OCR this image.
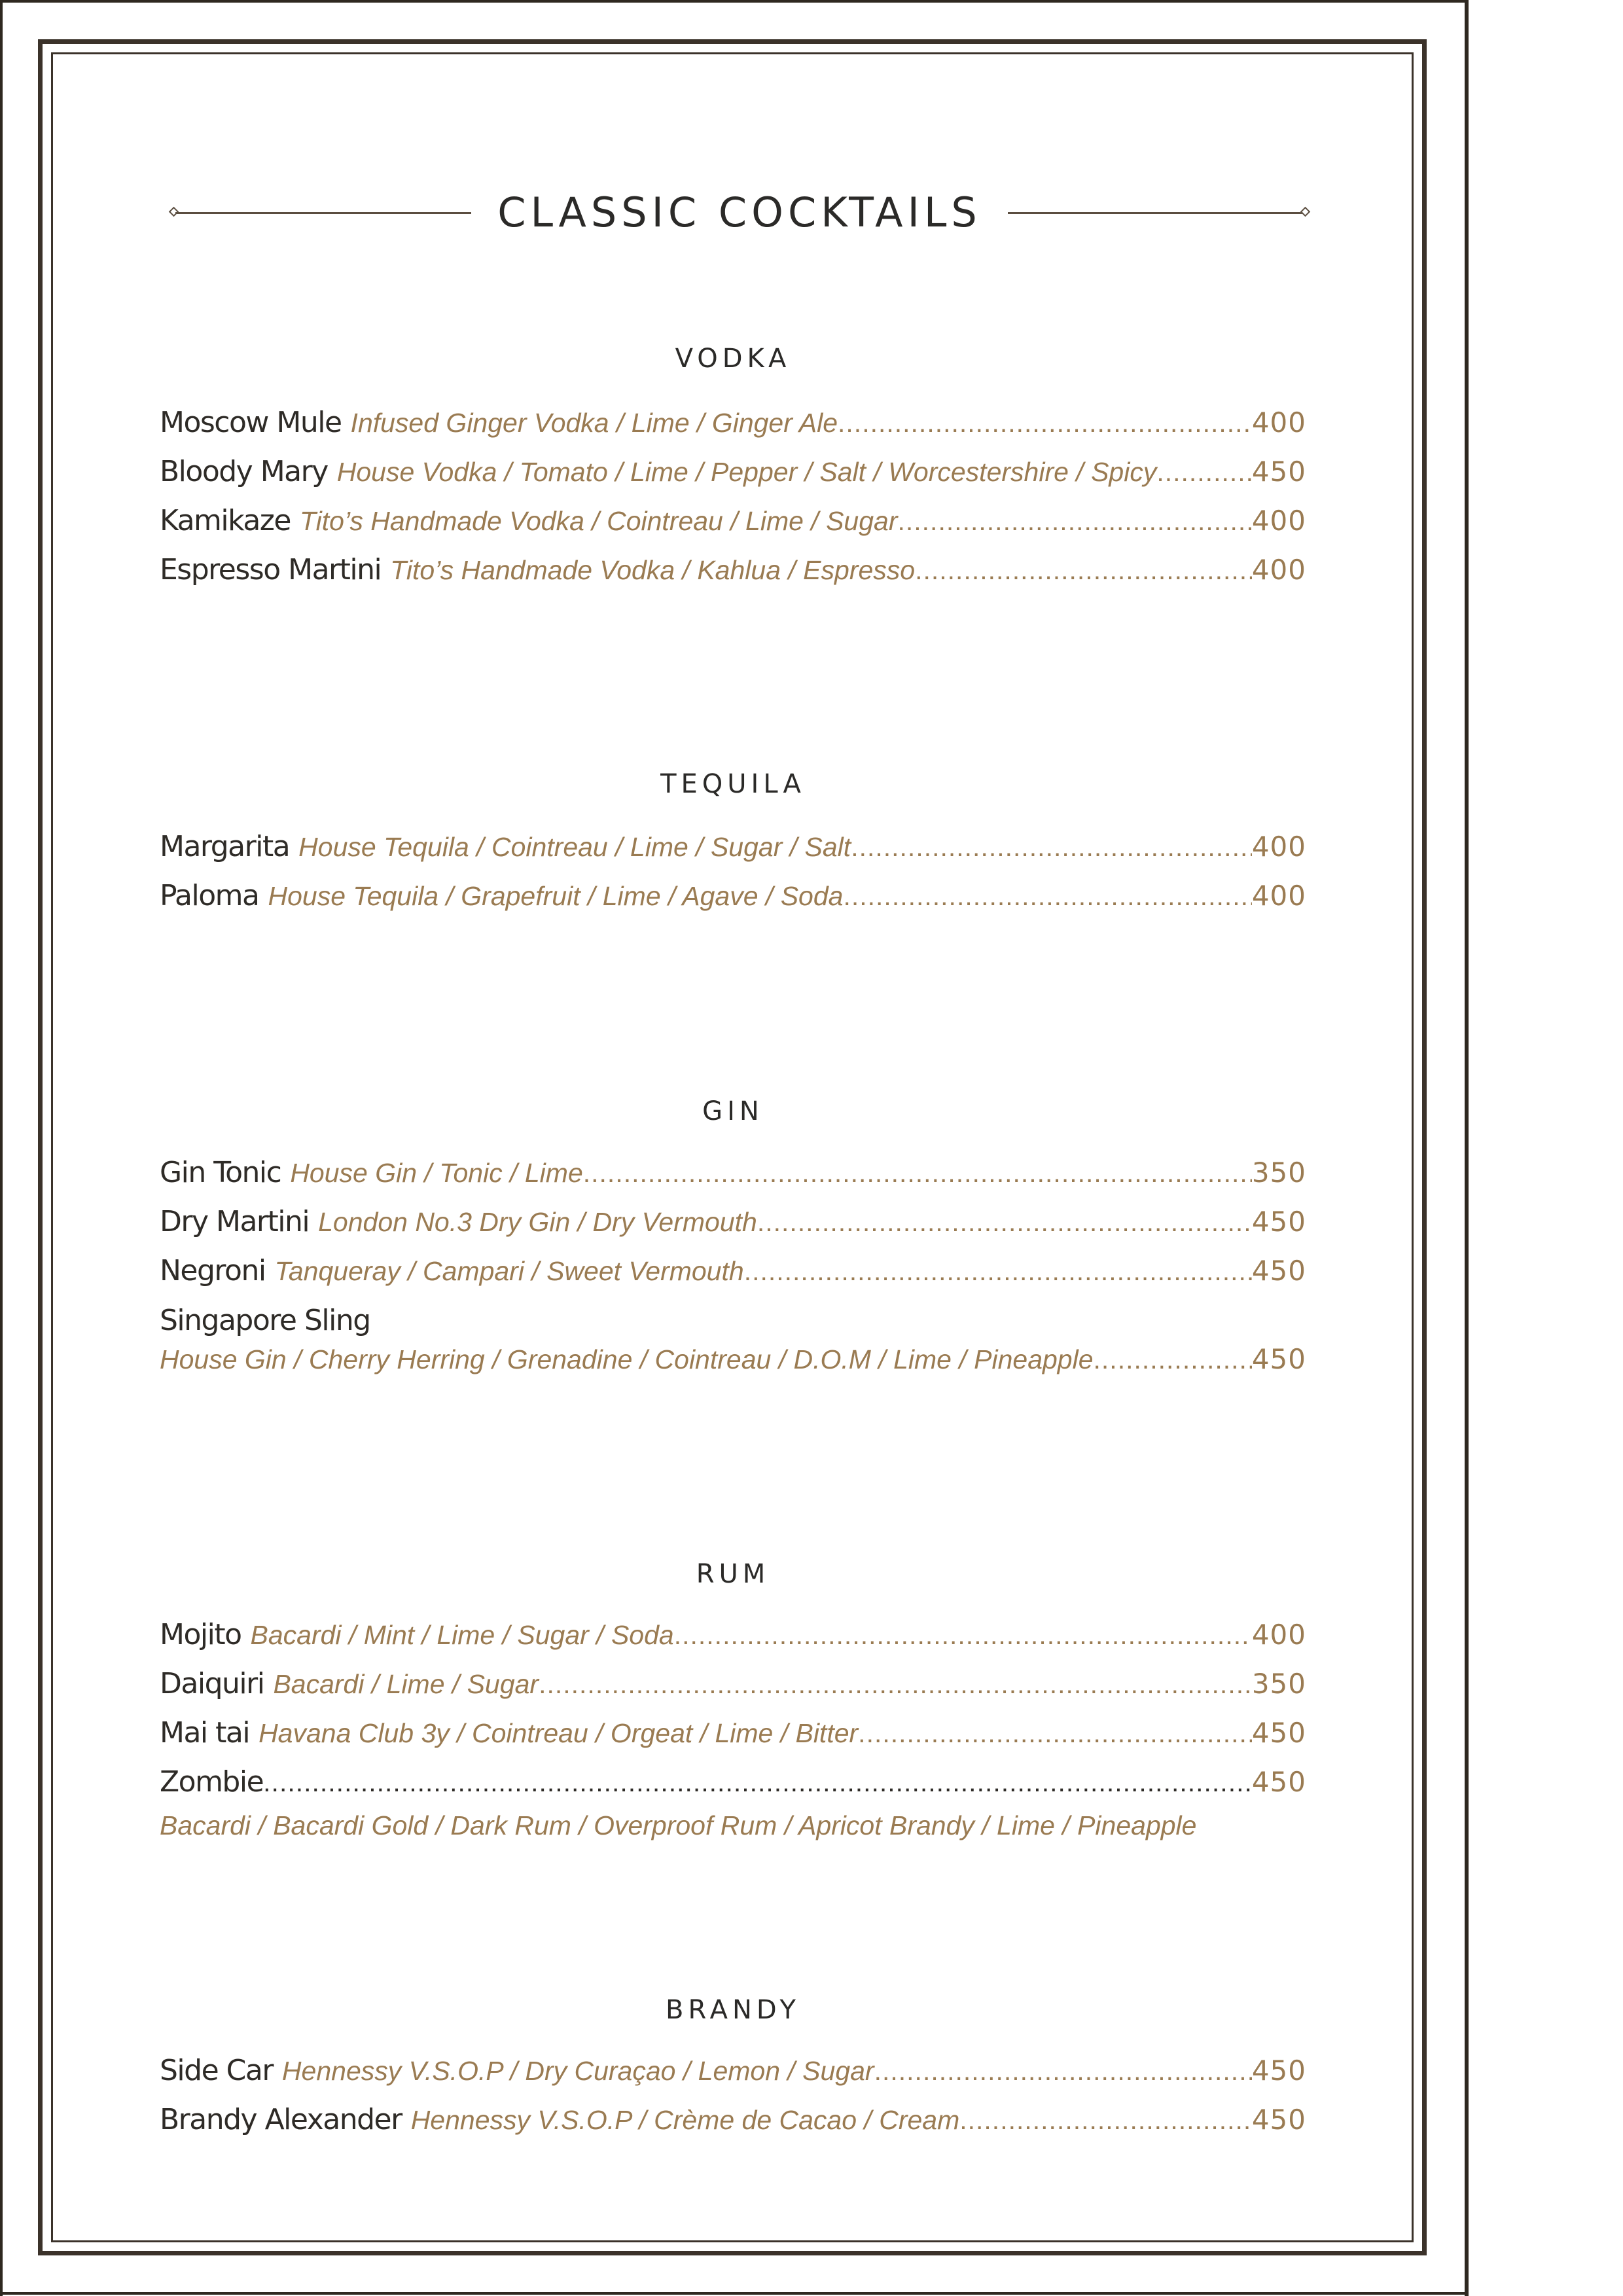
CLASSIC COCKTAILS
VODKA
Moscow Mule Infused Ginger Vodka / Lime / Ginger Ale .....	400
Bloody Mary House Vodka / Tomato / Lime / Pepper / Salt / Worcestershire / Spicy .....	450
Kamikaze Tito’s Handmade Vodka / Cointreau / Lime / Sugar .....	400
Espresso Martini Tito’s Handmade Vodka / Kahlua / Espresso .....	400
TEQUILA
Margarita House Tequila / Cointreau / Lime / Sugar / Salt .....	400
Paloma House Tequila / Grapefruit / Lime / Agave / Soda .....	400
GIN
Gin Tonic House Gin / Tonic / Lime .....	350
Dry Martini London No.3 Dry Gin / Dry Vermouth .....	450
Negroni Tanqueray / Campari / Sweet Vermouth .....	450
Singapore Sling
House Gin / Cherry Herring / Grenadine / Cointreau / D.O.M / Lime / Pineapple .....	450
RUM
Mojito Bacardi / Mint / Lime / Sugar / Soda .....	400
Daiquiri Bacardi / Lime / Sugar .....	350
Mai tai Havana Club 3y / Cointreau / Orgeat / Lime / Bitter .....	450
Zombie .....	450
Bacardi / Bacardi Gold / Dark Rum / Overproof Rum / Apricot Brandy / Lime / Pineapple
BRANDY
Side Car Hennessy V.S.O.P / Dry Curaçao / Lemon / Sugar .....	450
Brandy Alexander Hennessy V.S.O.P / Crème de Cacao / Cream .....	450
